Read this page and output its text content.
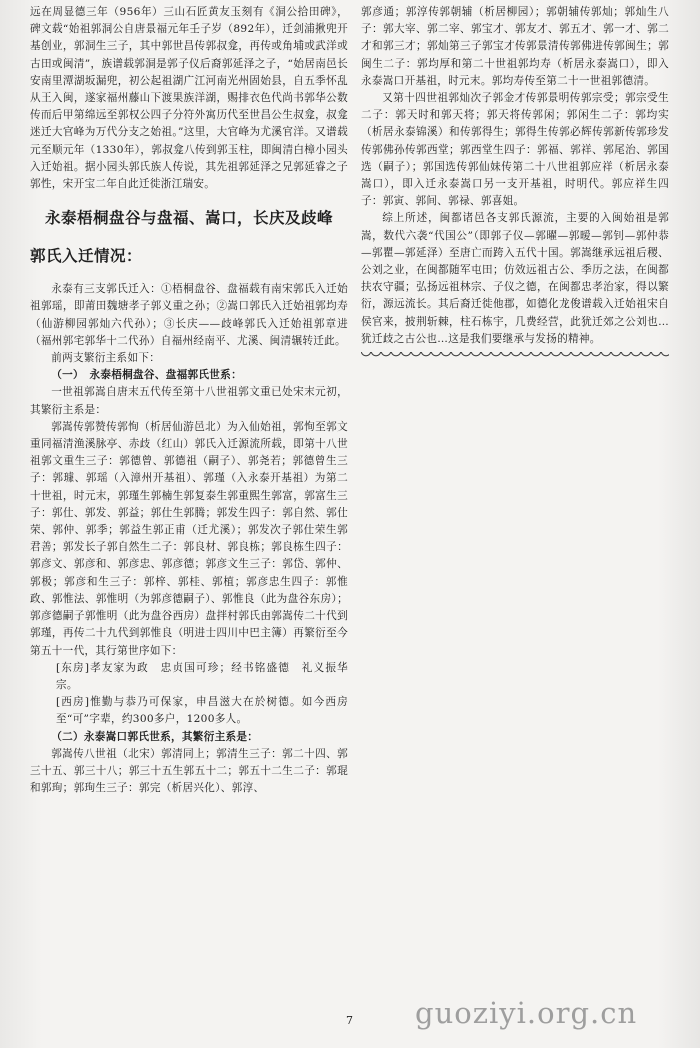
远在周显德三年（956年）三山石匠黄友玉刻有《洞公拾田碑》，碑文载“始祖郭洞公自唐景福元年壬子岁（892年），迁剑浦揪兜开基创业，郭洞生三子，其中郭世昌传郭叔龛，再传或角埔或武洋或古田或闽清”，族谱载郭洞是郭子仪后裔郭延泽之子，“始居南邑长安南里潭湖坂漏兜，初公起祖湖广江河南光州固始县，自五季怀乱从王入闽，遂家福州藤山下渡果族洋湖，赐排衣色代尚书郭华公数传而后甲第绵远至郭权公四子分符外寓历代至世昌公生叔龛，叔龛迷迁大官峰为万代分支之始祖。”这里，大官峰为尤溪官洋。又谱载元至顺元年（1330年），郭叔龛八传到郭玉柱，即闽清白樟小园头入迁始祖。据小园头郭氏族人传说，其先祖郭延泽之兄郭延睿之子郭性，宋开宝二年自此迁徙浙江瑞安。

永泰梧桐盘谷与盘福、嵩口，长庆及歧峰

郭氏入迁情况：

永泰有三支郭氏迁入：①梧桐盘谷、盘福载有南宋郭氏入迁始祖郭瑶，即莆田魏塘孝子郭义重之孙；②嵩口郭氏入迁始祖郭均寿（仙游柳园郭灿六代孙）；③长庆——歧峰郭氏入迁始祖郭章进（福州郭宅郭华十二代孙）自福州经南平、尤溪、闽清辗转迁此。

前两支繁衍主系如下：

（一）　永泰梧桐盘谷、盘福郭氏世系：

一世祖郭嵩自唐末五代传至第十八世祖郭文重已处宋末元初，其繁衍主系是：

郭嵩传郭赞传郭恂（析居仙游邑北）为入仙始祖，郭恂至郭文重同福清渔溪脉亭、赤歧（红山）郭氏入迁源流所载，即第十八世祖郭文重生三子：郭德曾、郭德祖（嗣子）、郭尧若；郭德曾生三子：郭璩、郭瑶（入漳州开基祖）、郭瑾（入永泰开基祖）为第二十世祖，时元末，郭瑾生郭楠生郭复泰生郭重熙生郭富，郭富生三子：郭仕、郭发、郭益；郭仕生郭腾；郭发生四子：郭自然、郭仕荣、郭仲、郭季；郭益生郭正甫（迁尤溪）；郭发次子郭仕荣生郭君善；郭发长子郭自然生二子：郭良材、郭良栋；郭良栋生四子：郭彦文、郭彦和、郭彦忠、郭彦德；郭彦文生三子：郭岱、郭仲、郭极；郭彦和生三子：郭梓、郭桂、郭植；郭彦忠生四子：郭惟政、郭惟法、郭惟明（为郭彦德嗣子）、郭惟良（此为盘谷东房）；郭彦德嗣子郭惟明（此为盘谷西房）盘拌村郭氏由郭嵩传二十代到郭瑾，再传二十九代到郭惟良（明进士四川中巴主簿）再繁衍至今第五十一代，其行第世序如下：

[东房]孝友家为政　忠贞国可珍；经书铭盛德　礼义振华宗。

[西房]惟勤与恭乃可保家，申昌滋大在於树德。如今西房至“可”字辈，约300多户，1200多人。

（二）永泰嵩口郭氏世系，其繁衍主系是：

郭嵩传八世祖（北宋）郭清同上；郭清生三子：郭二十四、郭三十五、郭三十八；郭三十五生郭五十二；郭五十二生二子：郭琨和郭珣；郭珣生三子：郭完（析居兴化）、郭淳、

郭彦通；郭淳传郭朝辅（析居柳园）；郭朝辅传郭灿；郭灿生八子：郭大宰、郭二宰、郭宝才、郭友才、郭五才、郭一才、郭二才和郭三才；郭灿第三子郭宝才传郭景清传郭佛进传郭闽生；郭闽生二子：郭均厚和第二十世祖郭均寿（析居永泰嵩口），即入永泰嵩口开基祖，时元末。郭均寿传至第二十一世祖郭德清。

又第十四世祖郭灿次子郭金才传郭景明传郭宗受；郭宗受生二子：郭天时和郭天将；郭天将传郭闲；郭闲生二子：郭均实（析居永泰锦溪）和传郭得生；郭得生传郭必辉传郭新传郭珍发传郭佛孙传郭西堂；郭西堂生四子：郭福、郭祥、郭尾治、郭国选（嗣子）；郭国选传郭仙妹传第二十八世祖郭应祥（析居永泰嵩口），即入迁永泰嵩口另一支开基祖，时明代。郭应祥生四子：郭寅、郭间、郭禄、郭喜姐。

综上所述，闽都诸邑各支郭氏源流，主要的入闽始祖是郭嵩，数代六袭“代国公”（即郭子仪—郭曜—郭暧—郭钊—郭仲恭—郭瞿—郭延泽）至唐亡而跨入五代十国。郭嵩继承远祖后稷、公刘之业，在闽都随军屯田；仿效远祖古公、季历之法，在闽都扶农守疆；弘扬远祖林宗、子仪之德，在闽都忠孝治家，得以繁衍，源远流长。其后裔迁徙他郡，如德化龙俊谱载入迁始祖宋自侯官来，披荆斩棘，柱石栋宇，几费经营，此犹迁郊之公刘也…犹迁歧之古公也…这是我们要继承与发扬的精神。

7 guoziyi.org.cn
